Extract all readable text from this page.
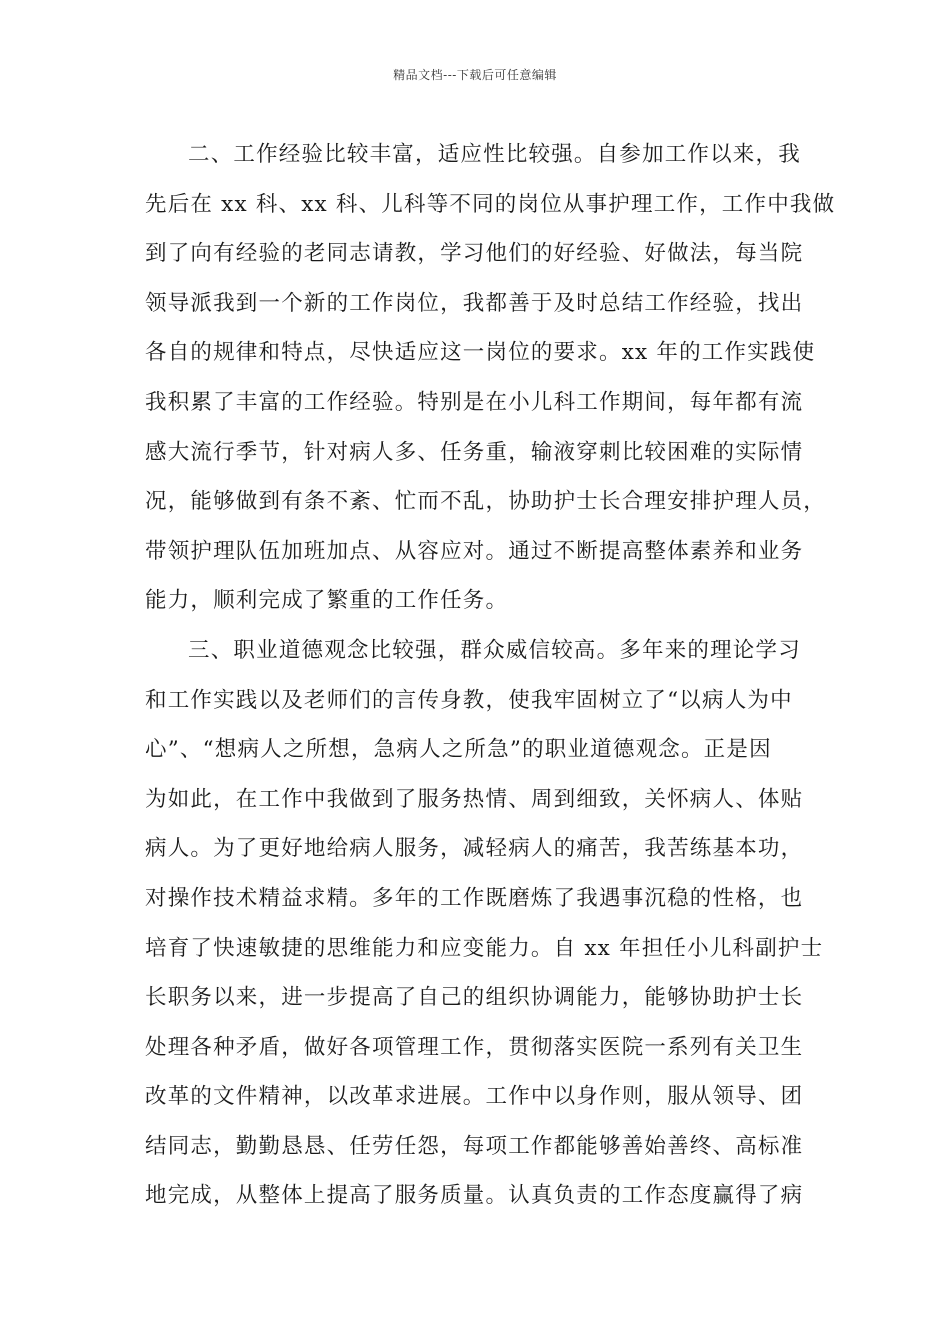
精品文档---下载后可任意编辑
二、工作经验比较丰富，适应性比较强。自参加工作以来，我
先后在 xx 科、xx 科、儿科等不同的岗位从事护理工作，工作中我做
到了向有经验的老同志请教，学习他们的好经验、好做法，每当院
领导派我到一个新的工作岗位，我都善于及时总结工作经验，找出
各自的规律和特点，尽快适应这一岗位的要求。xx 年的工作实践使
我积累了丰富的工作经验。特别是在小儿科工作期间，每年都有流
感大流行季节，针对病人多、任务重，输液穿刺比较困难的实际情
况，能够做到有条不紊、忙而不乱，协助护士长合理安排护理人员，
带领护理队伍加班加点、从容应对。通过不断提高整体素养和业务
能力，顺利完成了繁重的工作任务。
三、职业道德观念比较强，群众威信较高。多年来的理论学习
和工作实践以及老师们的言传身教，使我牢固树立了“以病人为中
心”、“想病人之所想，急病人之所急”的职业道德观念。正是因
为如此，在工作中我做到了服务热情、周到细致，关怀病人、体贴
病人。为了更好地给病人服务，减轻病人的痛苦，我苦练基本功，
对操作技术精益求精。多年的工作既磨炼了我遇事沉稳的性格，也
培育了快速敏捷的思维能力和应变能力。自 xx 年担任小儿科副护士
长职务以来，进一步提高了自己的组织协调能力，能够协助护士长
处理各种矛盾，做好各项管理工作，贯彻落实医院一系列有关卫生
改革的文件精神，以改革求进展。工作中以身作则，服从领导、团
结同志，勤勤恳恳、任劳任怨，每项工作都能够善始善终、高标准
地完成，从整体上提高了服务质量。认真负责的工作态度赢得了病
